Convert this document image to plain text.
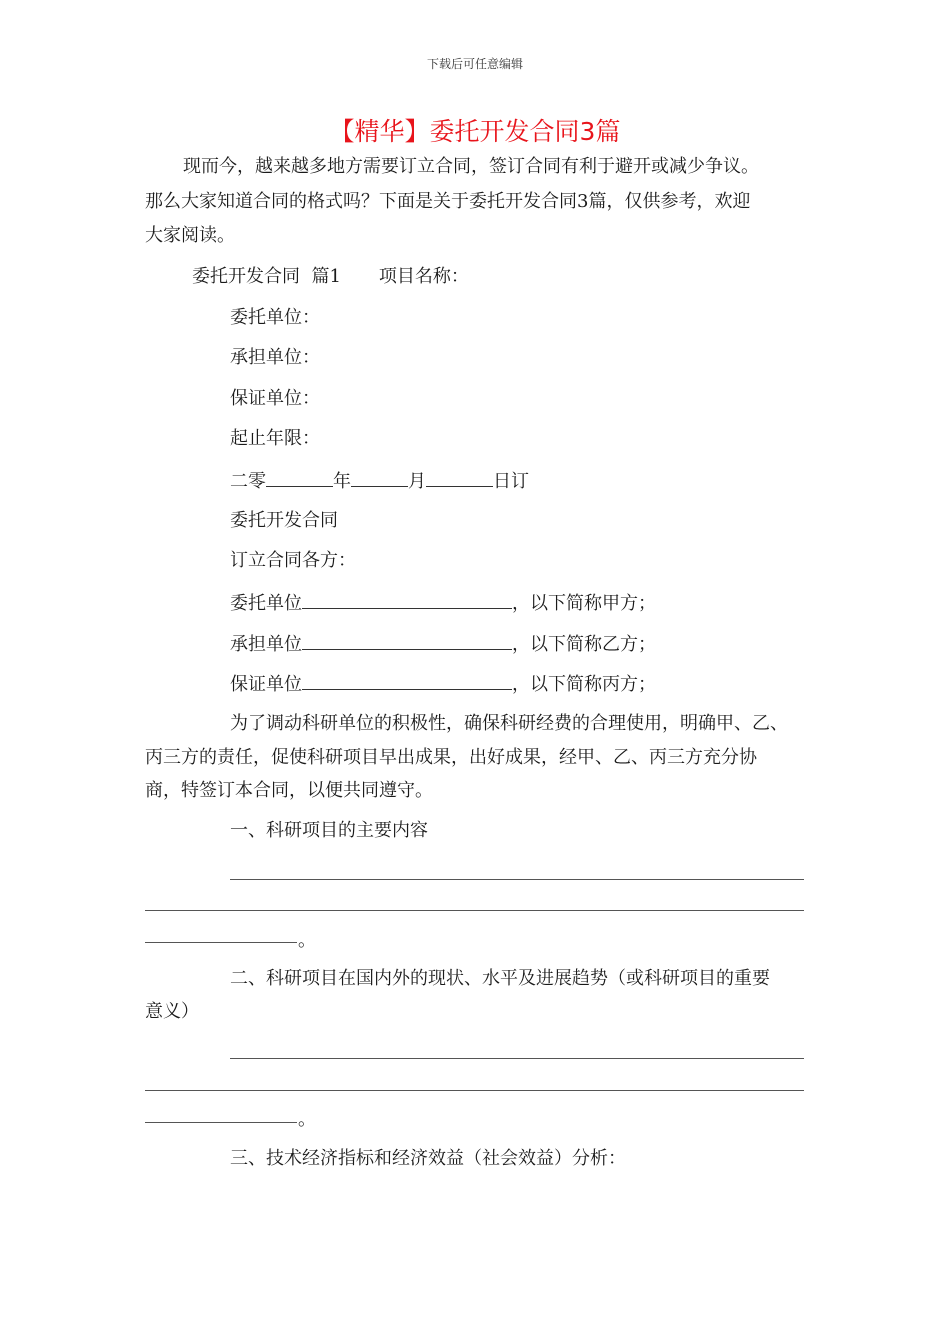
下载后可任意编辑
【精华】委托开发合同3篇
现而今，越来越多地方需要订立合同，签订合同有利于避开或减少争议。
那么大家知道合同的格式吗？下面是关于委托开发合同3篇，仅供参考，欢迎
大家阅读。
委托开发合同  篇1 项目名称：
委托单位：
承担单位：
保证单位：
起止年限：
二零	年	月	日订
委托开发合同
订立合同各方：
委托单位	，以下简称甲方；
承担单位	，以下简称乙方；
保证单位	，以下简称丙方；
为了调动科研单位的积极性，确保科研经费的合理使用，明确甲、乙、
丙三方的责任，促使科研项目早出成果，出好成果，经甲、乙、丙三方充分协
商，特签订本合同，以便共同遵守。
一、科研项目的主要内容
。
二、科研项目在国内外的现状、水平及进展趋势（或科研项目的重要
意义）
。
三、技术经济指标和经济效益（社会效益）分析：
